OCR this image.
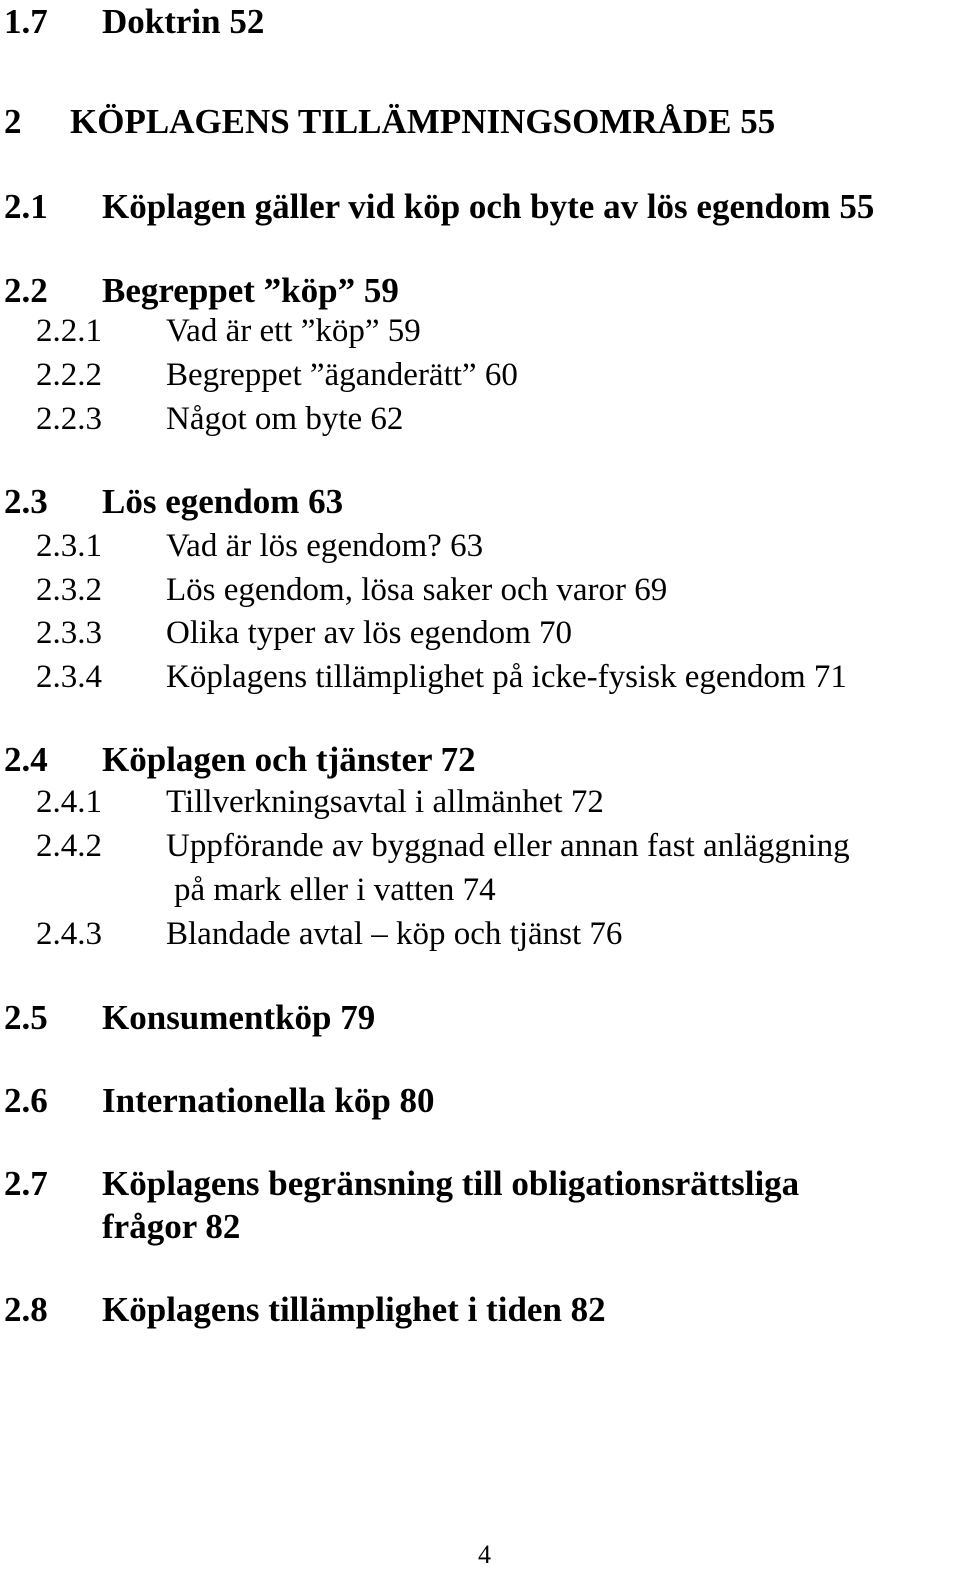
1.7 Doktrin 52
2 KÖPLAGENS TILLÄMPNINGSOMRÅDE 55
2.1 Köplagen gäller vid köp och byte av lös egendom 55
2.2 Begreppet ”köp” 59
2.2.1 Vad är ett ”köp” 59
2.2.2 Begreppet ”äganderätt” 60
2.2.3 Något om byte 62
2.3 Lös egendom 63
2.3.1 Vad är lös egendom? 63
2.3.2 Lös egendom, lösa saker och varor 69
2.3.3 Olika typer av lös egendom 70
2.3.4 Köplagens tillämplighet på icke-fysisk egendom 71
2.4 Köplagen och tjänster 72
2.4.1 Tillverkningsavtal i allmänhet 72
2.4.2 Uppförande av byggnad eller annan fast anläggning
på mark eller i vatten 74
2.4.3 Blandade avtal – köp och tjänst 76
2.5 Konsumentköp 79
2.6 Internationella köp 80
2.7 Köplagens begränsning till obligationsrättsliga
frågor 82
2.8 Köplagens tillämplighet i tiden 82
4
